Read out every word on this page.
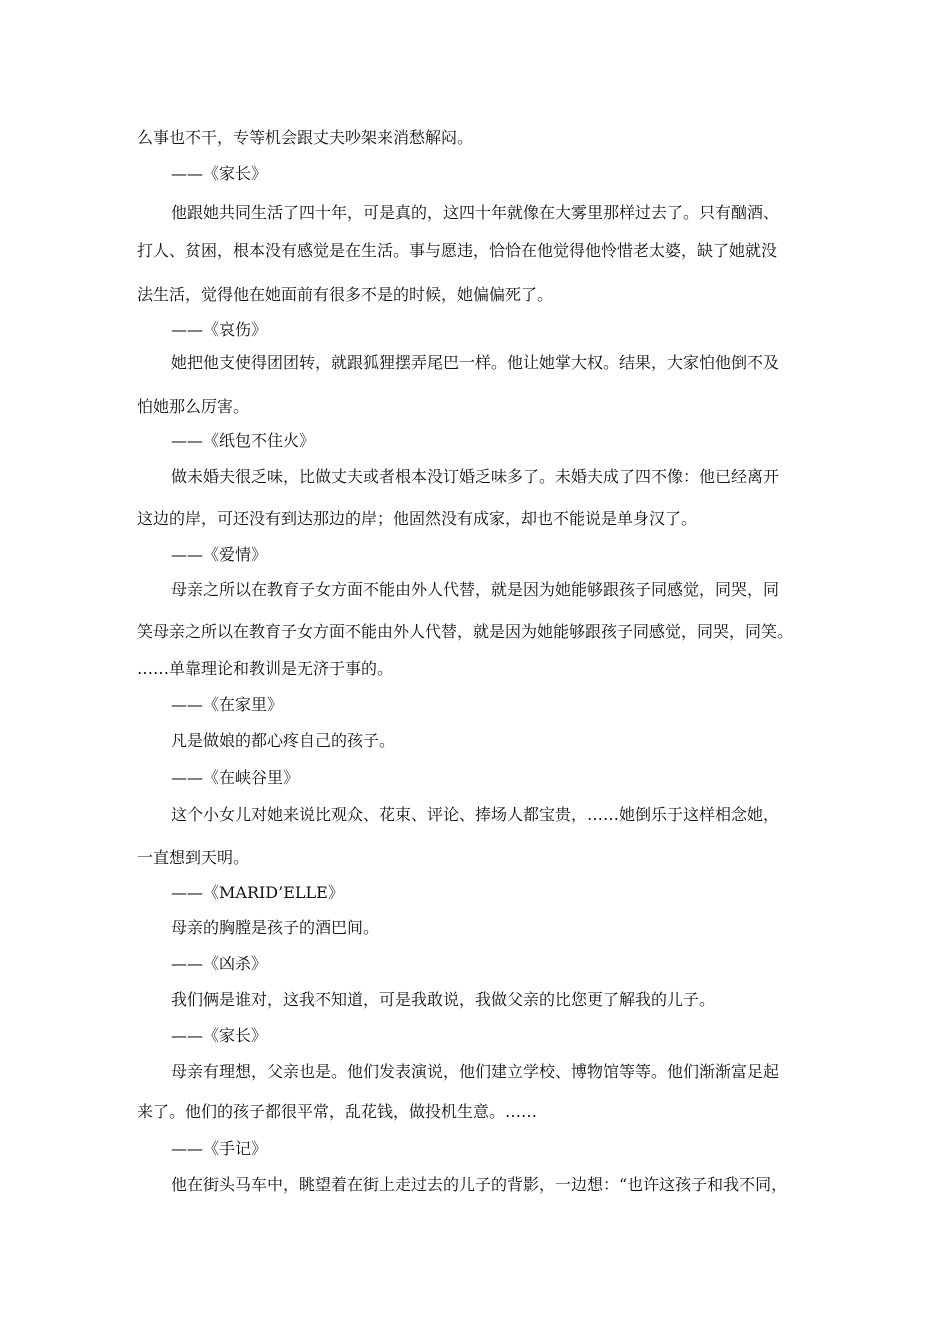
么事也不干，专等机会跟丈夫吵架来消愁解闷。
——《家长》
他跟她共同生活了四十年，可是真的，这四十年就像在大雾里那样过去了。只有酗酒、
打人、贫困，根本没有感觉是在生活。事与愿违，恰恰在他觉得他怜惜老太婆，缺了她就没
法生活，觉得他在她面前有很多不是的时候，她偏偏死了。
——《哀伤》
她把他支使得团团转，就跟狐狸摆弄尾巴一样。他让她掌大权。结果，大家怕他倒不及
怕她那么厉害。
——《纸包不住火》
做未婚夫很乏味，比做丈夫或者根本没订婚乏味多了。未婚夫成了四不像：他已经离开
这边的岸，可还没有到达那边的岸；他固然没有成家，却也不能说是单身汉了。
——《爱情》
母亲之所以在教育子女方面不能由外人代替，就是因为她能够跟孩子同感觉，同哭，同
笑母亲之所以在教育子女方面不能由外人代替，就是因为她能够跟孩子同感觉，同哭，同笑。
……单靠理论和教训是无济于事的。
——《在家里》
凡是做娘的都心疼自己的孩子。
——《在峡谷里》
这个小女儿对她来说比观众、花束、评论、捧场人都宝贵，……她倒乐于这样相念她，
一直想到天明。
——《MARID’ELLE》
母亲的胸膛是孩子的酒巴间。
——《凶杀》
我们俩是谁对，这我不知道，可是我敢说，我做父亲的比您更了解我的儿子。
——《家长》
母亲有理想，父亲也是。他们发表演说，他们建立学校、博物馆等等。他们渐渐富足起
来了。他们的孩子都很平常，乱花钱，做投机生意。……
——《手记》
他在街头马车中，眺望着在街上走过去的儿子的背影，一边想：“也许这孩子和我不同，
